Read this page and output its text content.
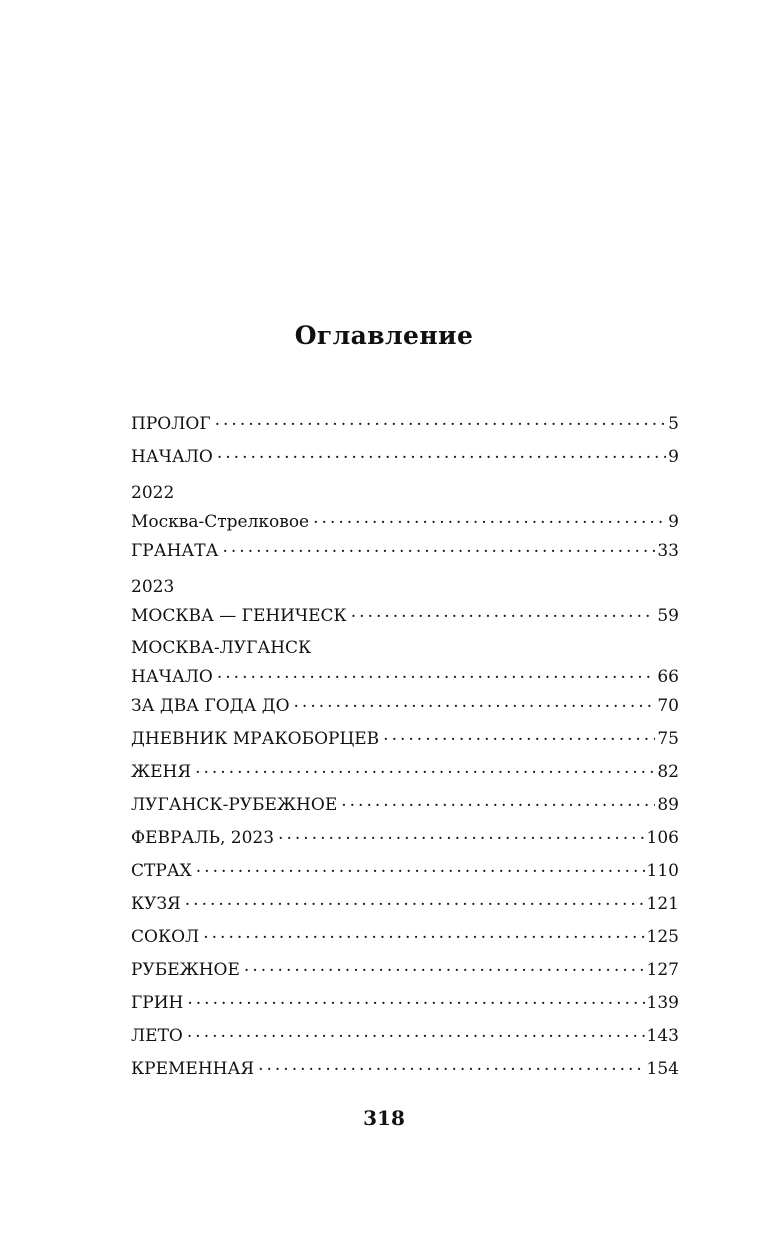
Оглавление
ПРОЛОГ . . .	5
НАЧАЛО . . .	9
2022
Москва-Стрелковое . . .	9
ГРАНАТА . . .	33
2023
МОСКВА — ГЕНИЧЕСК . . .	59
МОСКВА-ЛУГАНСК
НАЧАЛО . . .	66
ЗА ДВА ГОДА ДО . . .	70
ДНЕВНИК МРАКОБОРЦЕВ . . .	75
ЖЕНЯ . . .	82
ЛУГАНСК-РУБЕЖНОЕ . . .	89
ФЕВРАЛЬ, 2023 . . .	106
СТРАХ . . .	110
КУЗЯ . . .	121
СОКОЛ . . .	125
РУБЕЖНОЕ . . .	127
ГРИН . . .	139
ЛЕТО . . .	143
КРЕМЕННАЯ . . .	154
318
